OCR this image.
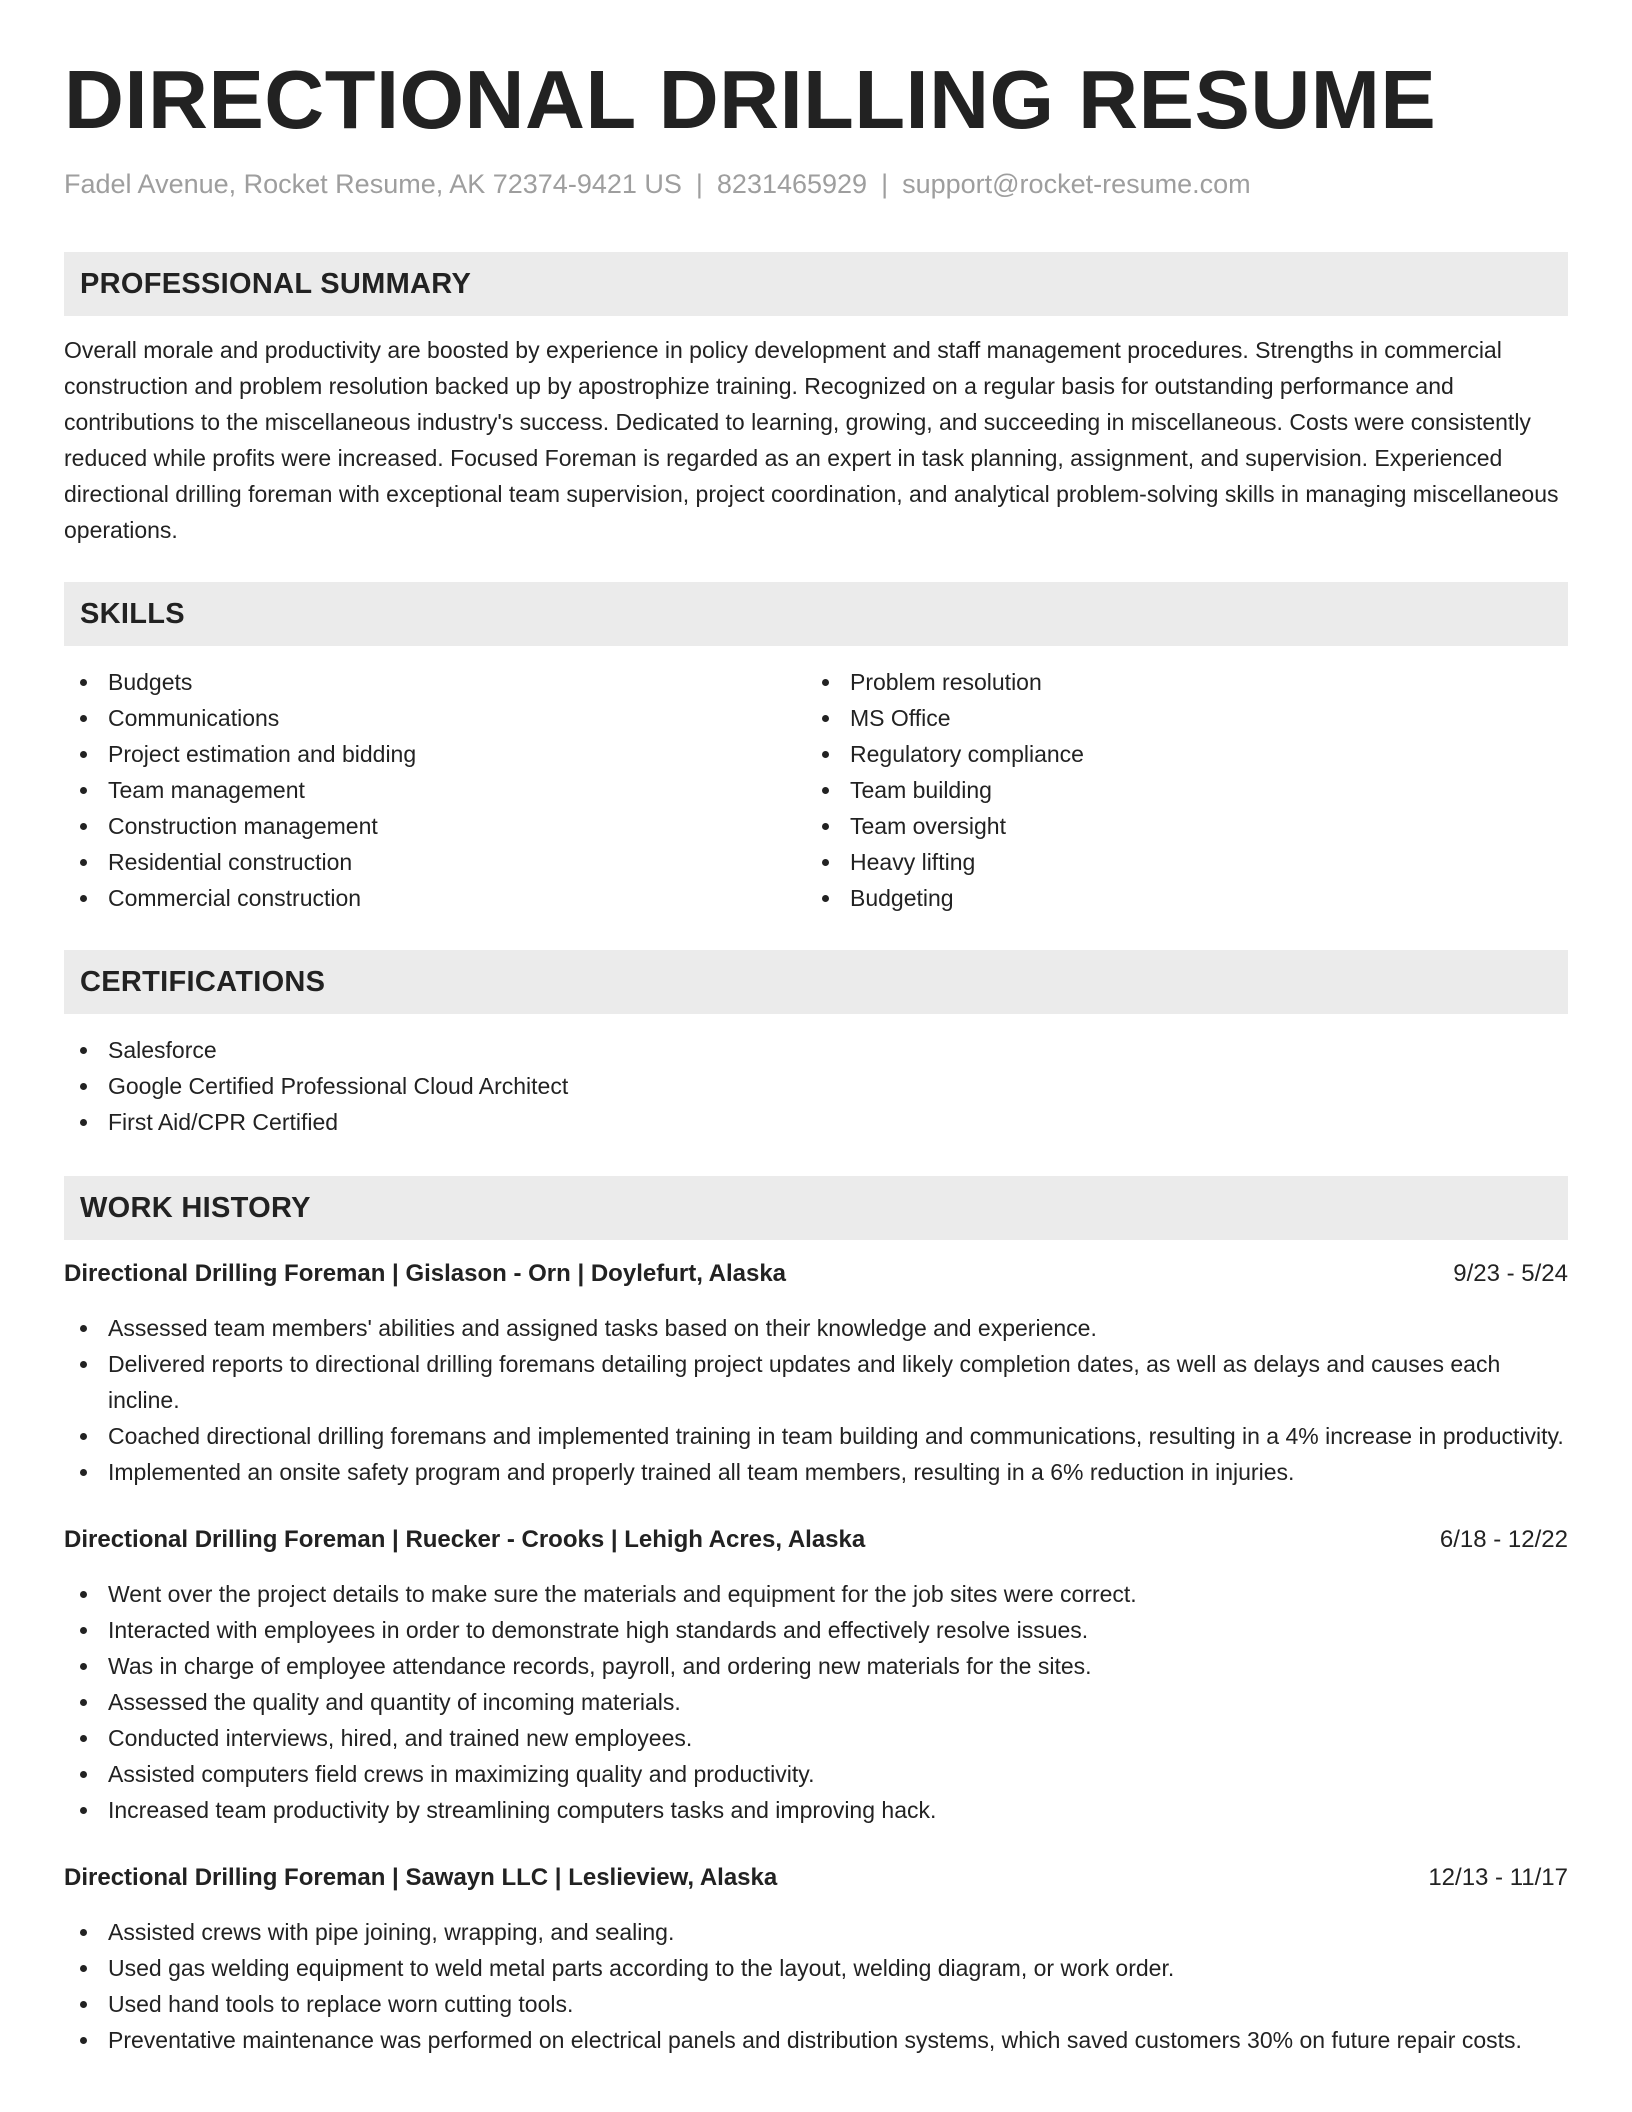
DIRECTIONAL DRILLING RESUME
Fadel Avenue, Rocket Resume, AK 72374-9421 US | 8231465929 | support@rocket-resume.com
PROFESSIONAL SUMMARY
Overall morale and productivity are boosted by experience in policy development and staff management procedures. Strengths in commercial construction and problem resolution backed up by apostrophize training. Recognized on a regular basis for outstanding performance and contributions to the miscellaneous industry's success. Dedicated to learning, growing, and succeeding in miscellaneous. Costs were consistently reduced while profits were increased. Focused Foreman is regarded as an expert in task planning, assignment, and supervision. Experienced directional drilling foreman with exceptional team supervision, project coordination, and analytical problem-solving skills in managing miscellaneous operations.
SKILLS
Budgets
Communications
Project estimation and bidding
Team management
Construction management
Residential construction
Commercial construction
Problem resolution
MS Office
Regulatory compliance
Team building
Team oversight
Heavy lifting
Budgeting
CERTIFICATIONS
Salesforce
Google Certified Professional Cloud Architect
First Aid/CPR Certified
WORK HISTORY
Directional Drilling Foreman | Gislason - Orn | Doylefurt, Alaska	9/23 - 5/24
Assessed team members' abilities and assigned tasks based on their knowledge and experience.
Delivered reports to directional drilling foremans detailing project updates and likely completion dates, as well as delays and causes each incline.
Coached directional drilling foremans and implemented training in team building and communications, resulting in a 4% increase in productivity.
Implemented an onsite safety program and properly trained all team members, resulting in a 6% reduction in injuries.
Directional Drilling Foreman | Ruecker - Crooks | Lehigh Acres, Alaska	6/18 - 12/22
Went over the project details to make sure the materials and equipment for the job sites were correct.
Interacted with employees in order to demonstrate high standards and effectively resolve issues.
Was in charge of employee attendance records, payroll, and ordering new materials for the sites.
Assessed the quality and quantity of incoming materials.
Conducted interviews, hired, and trained new employees.
Assisted computers field crews in maximizing quality and productivity.
Increased team productivity by streamlining computers tasks and improving hack.
Directional Drilling Foreman | Sawayn LLC | Leslieview, Alaska	12/13 - 11/17
Assisted crews with pipe joining, wrapping, and sealing.
Used gas welding equipment to weld metal parts according to the layout, welding diagram, or work order.
Used hand tools to replace worn cutting tools.
Preventative maintenance was performed on electrical panels and distribution systems, which saved customers 30% on future repair costs.
